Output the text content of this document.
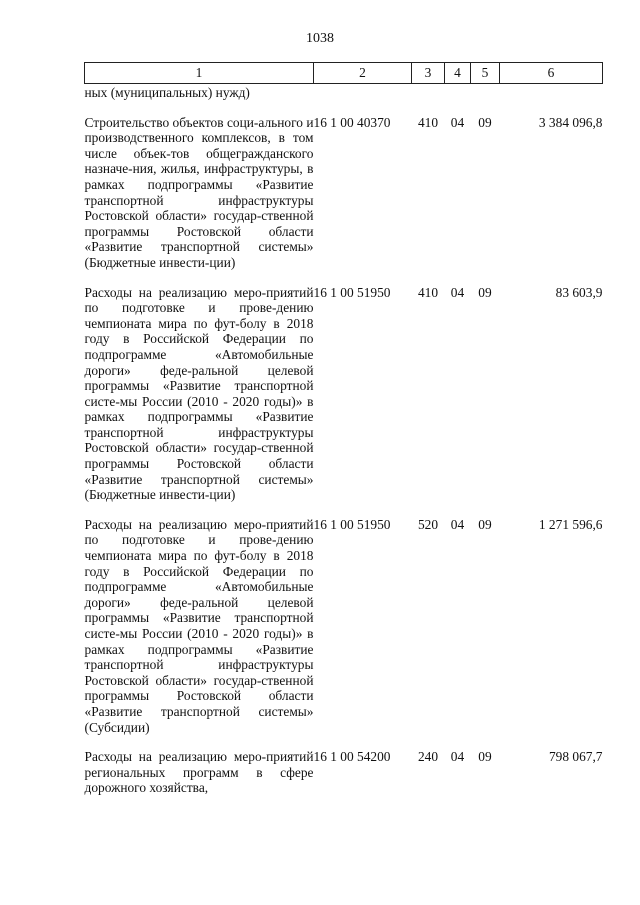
1038
1	2	3	4	5	6
ных (муниципальных) нужд)					

Строительство объектов соци-ального и производственного комплексов, в том числе объек-тов общегражданского назначе-ния, жилья, инфраструктуры, в рамках подпрограммы «Развитие транспортной инфраструктуры Ростовской области» государ-ственной программы Ростовской области «Развитие транспортной системы» (Бюджетные инвести-ции)	16 1 00 40370	410	04	09	3 384 096,8

Расходы на реализацию меро-приятий по подготовке и прове-дению чемпионата мира по фут-болу в 2018 году в Российской Федерации по подпрограмме «Автомобильные дороги» феде-ральной целевой программы «Развитие транспортной систе-мы России (2010 - 2020 годы)» в рамках подпрограммы «Развитие транспортной инфраструктуры Ростовской области» государ-ственной программы Ростовской области «Развитие транспортной системы» (Бюджетные инвести-ции)	16 1 00 51950	410	04	09	83 603,9

Расходы на реализацию меро-приятий по подготовке и прове-дению чемпионата мира по фут-болу в 2018 году в Российской Федерации по подпрограмме «Автомобильные дороги» феде-ральной целевой программы «Развитие транспортной систе-мы России (2010 - 2020 годы)» в рамках подпрограммы «Развитие транспортной инфраструктуры Ростовской области» государ-ственной программы Ростовской области «Развитие транспортной системы» (Субсидии)	16 1 00 51950	520	04	09	1 271 596,6

Расходы на реализацию меро-приятий региональных программ в сфере дорожного хозяйства,	16 1 00 54200	240	04	09	798 067,7
